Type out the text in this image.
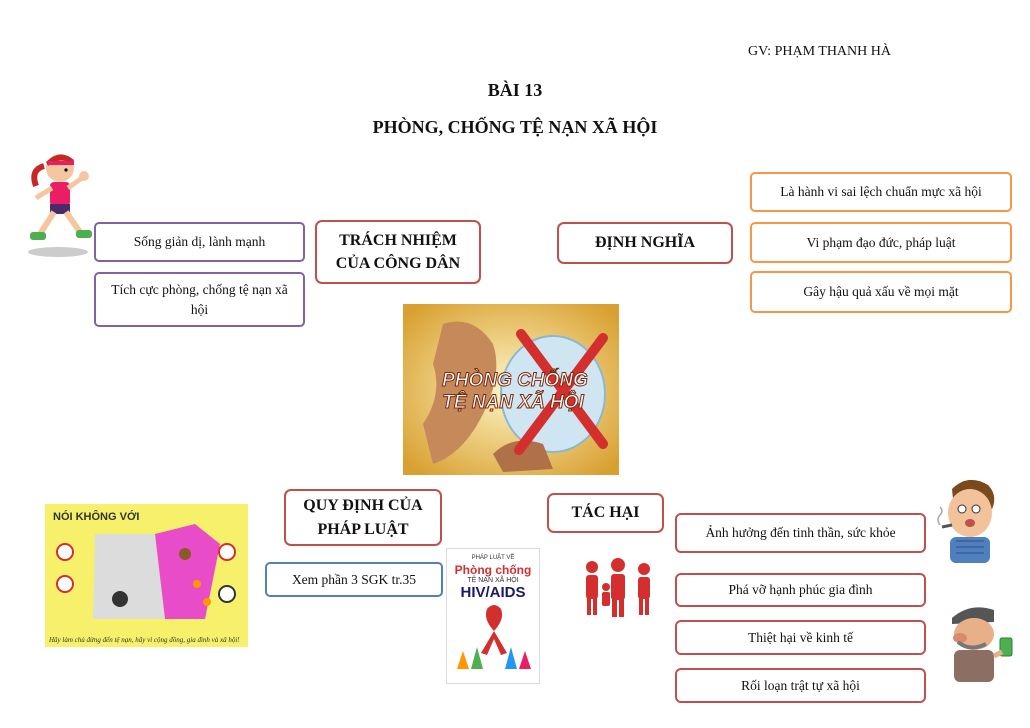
GV: PHẠM THANH HÀ
BÀI 13
PHÒNG, CHỐNG TỆ NẠN XÃ HỘI
TRÁCH NHIỆM CỦA CÔNG DÂN
Sống giản dị, lành mạnh
Tích cực phòng, chống tệ nạn xã hội
ĐỊNH NGHĨA
Là hành vi sai lệch chuẩn mực xã hội
Vi phạm đạo đức, pháp luật
Gây hậu quả xấu về mọi mặt
PHÒNG CHỐNG
TỆ NẠN XÃ HỘI
NÓI KHÔNG VỚI
Hãy làm chủ đừng đến tệ nạn, hãy vì cộng đồng, gia đình và xã hội!
QUY ĐỊNH CỦA PHÁP LUẬT
Xem phần 3 SGK tr.35
PHÁP LUẬT VỀ
Phòng chống
TỆ NẠN XÃ HỘI
HIV/AIDS
TÁC HẠI
Ảnh hưởng đến tinh thần, sức khỏe
Phá vỡ hạnh phúc gia đình
Thiệt hại về kinh tế
Rối loạn trật tự xã hội
